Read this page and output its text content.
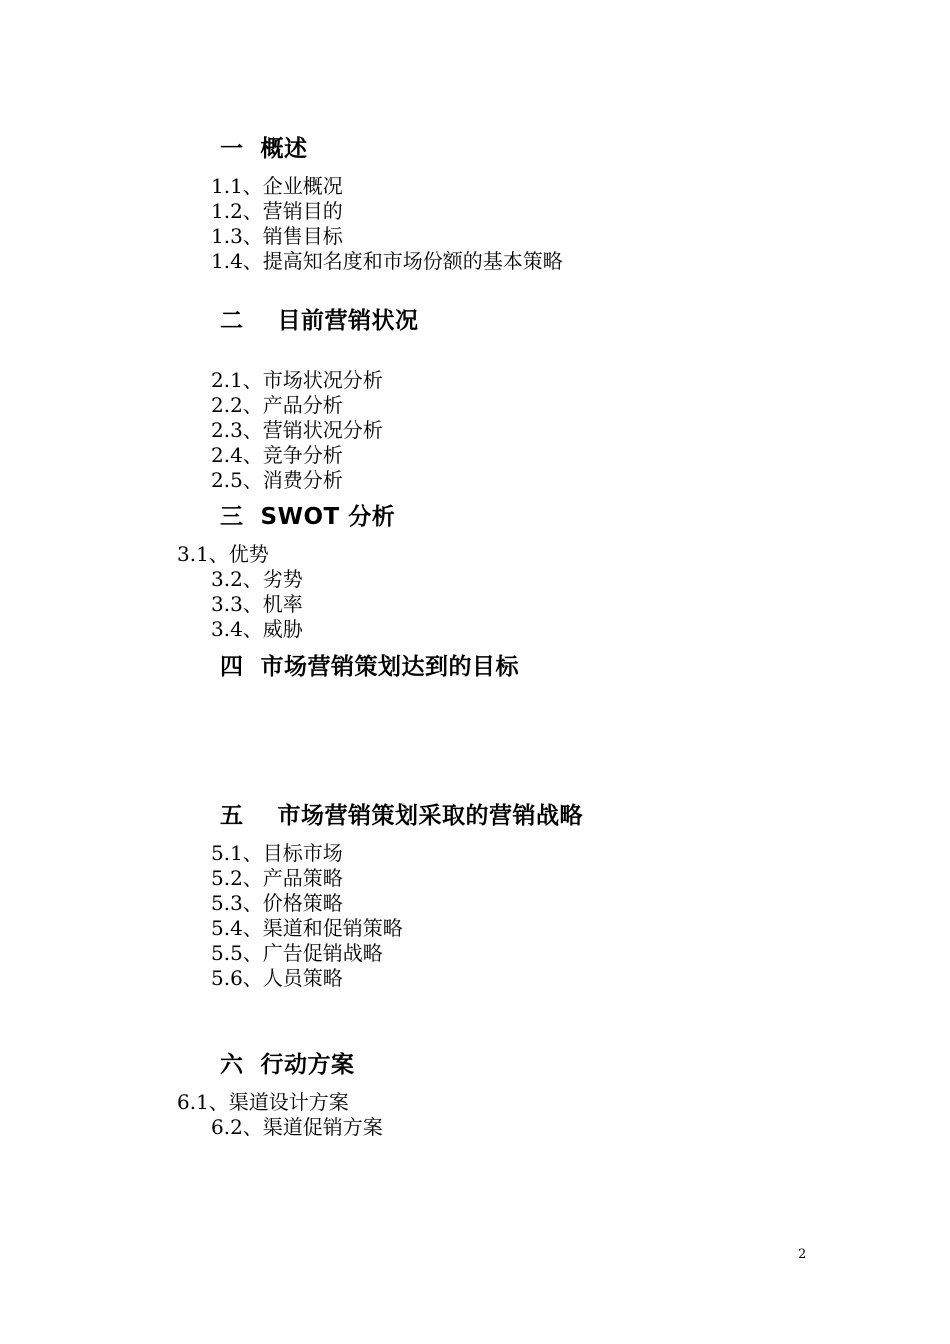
一  概述
1.1、企业概况
1.2、营销目的
1.3、销售目标
1.4、提高知名度和市场份额的基本策略
二    目前营销状况
2.1、市场状况分析
2.2、产品分析
2.3、营销状况分析
2.4、竞争分析
2.5、消费分析
三  SWOT 分析
3.1、优势
3.2、劣势
3.3、机率
3.4、威胁
四  市场营销策划达到的目标
五    市场营销策划采取的营销战略
5.1、目标市场
5.2、产品策略
5.3、价格策略
5.4、渠道和促销策略
5.5、广告促销战略
5.6、人员策略
六  行动方案
6.1、渠道设计方案
6.2、渠道促销方案
2
